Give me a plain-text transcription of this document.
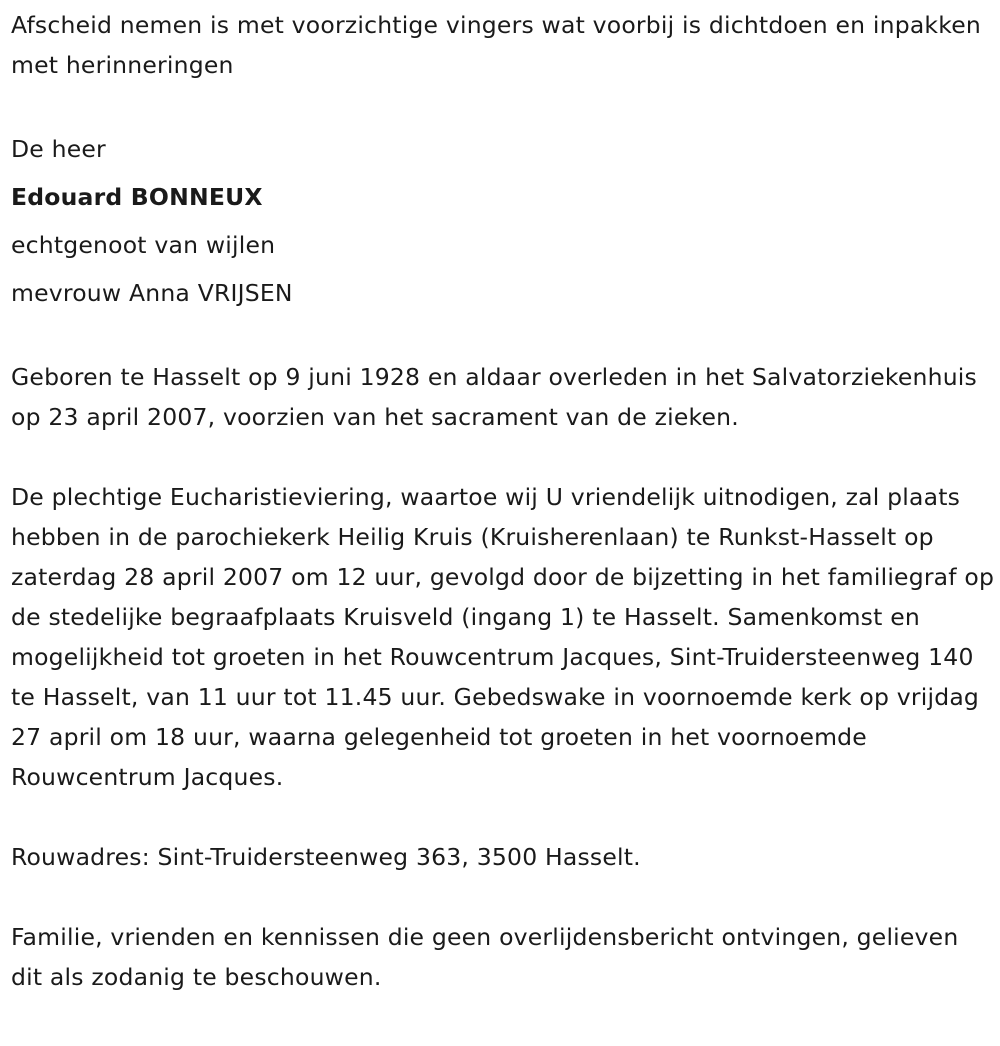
Afscheid nemen is met voorzichtige vingers wat voorbij is dichtdoen en inpakken met herinneringen

De heer

Edouard BONNEUX

echtgenoot van wijlen

mevrouw Anna VRIJSEN

Geboren te Hasselt op 9 juni 1928 en aldaar overleden in het Salvatorziekenhuis op 23 april 2007, voorzien van het sacrament van de zieken.

De plechtige Eucharistieviering, waartoe wij U vriendelijk uitnodigen, zal plaats hebben in de parochiekerk Heilig Kruis (Kruisherenlaan) te Runkst-Hasselt op zaterdag 28 april 2007 om 12 uur, gevolgd door de bijzetting in het familiegraf op de stedelijke begraafplaats Kruisveld (ingang 1) te Hasselt. Samenkomst en mogelijkheid tot groeten in het Rouwcentrum Jacques, Sint-Truidersteenweg 140 te Hasselt, van 11 uur tot 11.45 uur. Gebedswake in voornoemde kerk op vrijdag 27 april om 18 uur, waarna gelegenheid tot groeten in het voornoemde Rouwcentrum Jacques.

Rouwadres: Sint-Truidersteenweg 363, 3500 Hasselt.

Familie, vrienden en kennissen die geen overlijdensbericht ontvingen, gelieven dit als zodanig te beschouwen.
